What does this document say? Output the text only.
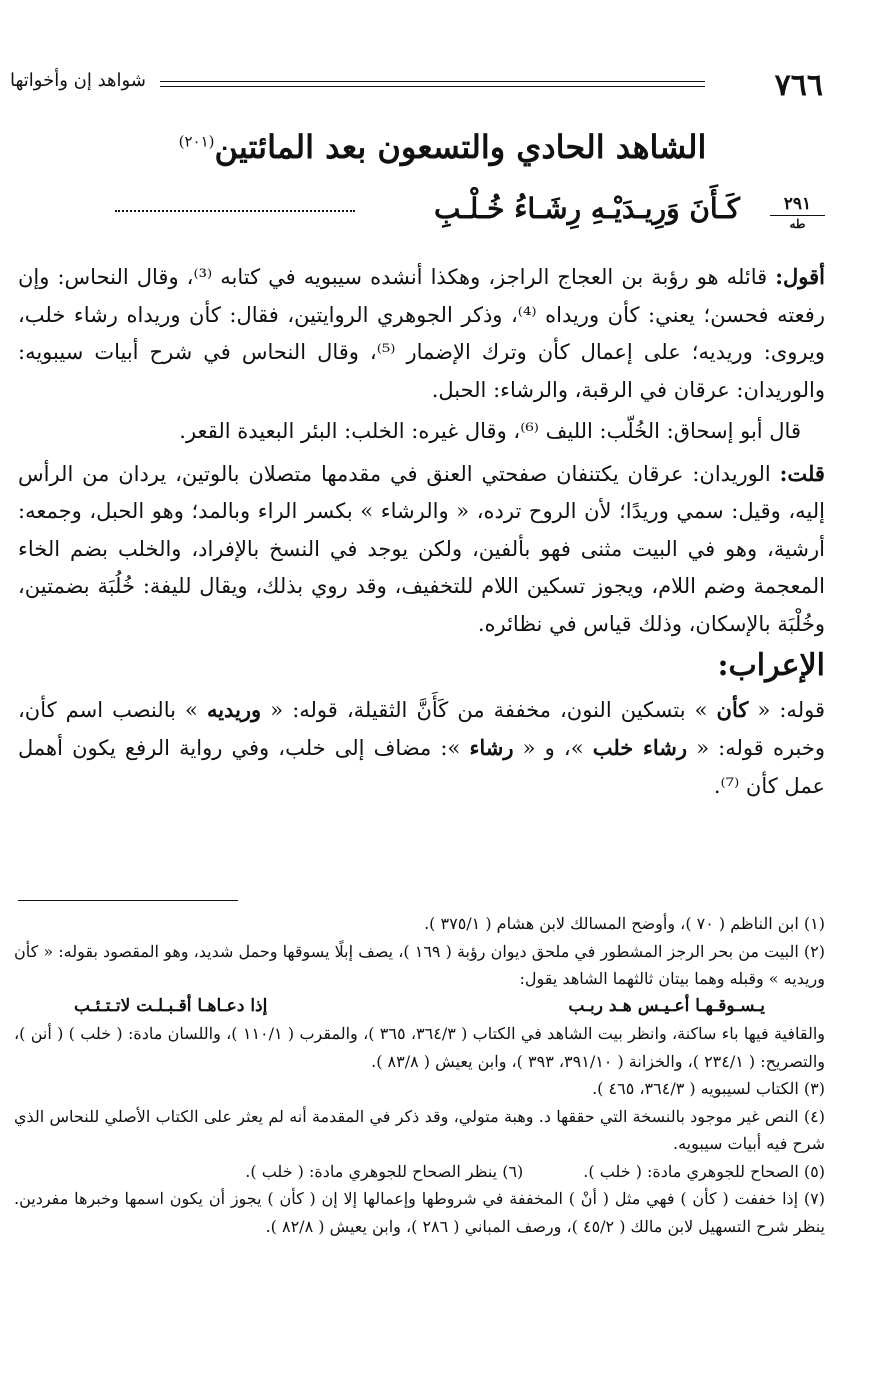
٧٦٦
شواهد إن وأخواتها
الشاهد الحادي والتسعون بعد المائتين$^{(٢٠١)}$
٢٩١
طه
كَـأَنَ وَرِيـدَيْـهِ رِشَـاءُ خُـلْـبِ

أقول: قائله هو رؤبة بن العجاج الراجز، وهكذا أنشده سيبويه في كتابه ⁽³⁾، وقال النحاس: وإن رفعته فحسن؛ يعني: كأن وريداه ⁽⁴⁾، وذكر الجوهري الروايتين، فقال: كأن وريداه رشاء خلب، ويروى: وريديه؛ على إعمال كأن وترك الإضمار ⁽⁵⁾، وقال النحاس في شرح أبيات سيبويه: والوريدان: عرقان في الرقبة، والرشاء: الحبل.

قال أبو إسحاق: الخُلّب: الليف ⁽⁶⁾، وقال غيره: الخلب: البئر البعيدة القعر.

قلت: الوريدان: عرقان يكتنفان صفحتي العنق في مقدمها متصلان بالوتين، يردان من الرأس إليه، وقيل: سمي وريدًا؛ لأن الروح ترده، « والرشاء » بكسر الراء وبالمد؛ وهو الحبل، وجمعه: أرشية، وهو في البيت مثنى فهو بألفين، ولكن يوجد في النسخ بالإفراد، والخلب بضم الخاء المعجمة وضم اللام، ويجوز تسكين اللام للتخفيف، وقد روي بذلك، ويقال لليفة: خُلُبَة بضمتين، وخُلْبَة بالإسكان، وذلك قياس في نظائره.

الإعراب:

قوله: « كأن » بتسكين النون، مخففة من كَأَنَّ الثقيلة، قوله: « وريديه » بالنصب اسم كأن، وخبره قوله: « رشاء خلب »، و « رشاء »: مضاف إلى خلب، وفي رواية الرفع يكون أهمل عمل كأن ⁽⁷⁾.

(١) ابن الناظم ( ٧٠ )، وأوضح المسالك لابن هشام ( ٣٧٥/١ ).

(٢) البيت من بحر الرجز المشطور في ملحق ديوان رؤبة ( ١٦٩ )، يصف إبلًا يسوقها وحمل شديد، وهو المقصود بقوله: « كأن وريديه » وقبله وهما بيتان ثالثهما الشاهد يقول:

يـسـوقـهـا أعـيـس هـد ربـب
إذا دعـاهـا أقـبـلـت لاتـتـئـب

والقافية فيها باء ساكنة، وانظر بيت الشاهد في الكتاب ( ٣٦٤/٣، ٣٦٥ )، والمقرب ( ١١٠/١ )، واللسان مادة: ( خلب ) ( أنن )، والتصريح: ( ٢٣٤/١ )، والخزانة ( ٣٩١/١٠، ٣٩٣ )، وابن يعيش ( ٨٣/٨ ).

(٣) الكتاب لسيبويه ( ٣٦٤/٣، ٤٦٥ ).

(٤) النص غير موجود بالنسخة التي حققها د. وهبة متولي، وقد ذكر في المقدمة أنه لم يعثر على الكتاب الأصلي للنحاس الذي شرح فيه أبيات سيبويه.

(٥) الصحاح للجوهري مادة: ( خلب ).

(٦) ينظر الصحاح للجوهري مادة: ( خلب ).

(٧) إذا خففت ( كأن ) فهي مثل ( أنْ ) المخففة في شروطها وإعمالها إلا إن ( كأن ) يجوز أن يكون اسمها وخبرها مفردين. ينظر شرح التسهيل لابن مالك ( ٤٥/٢ )، ورصف المباني ( ٢٨٦ )، وابن يعيش ( ٨٢/٨ ).
